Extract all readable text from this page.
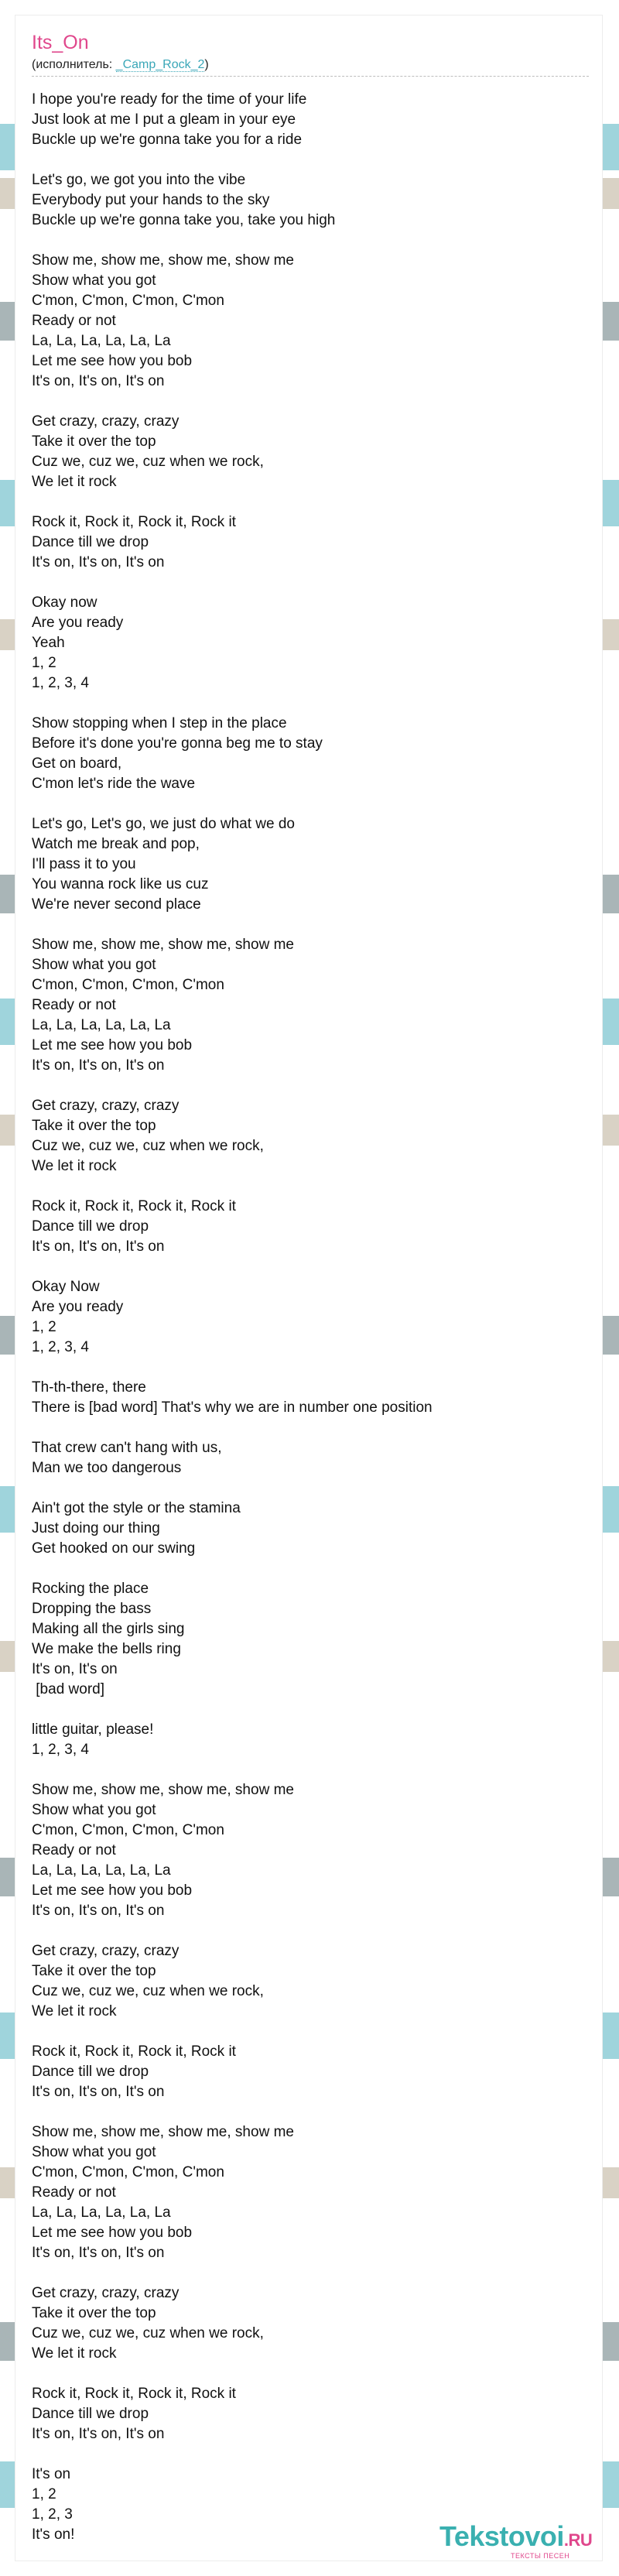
Its_On
(исполнитель: _Camp_Rock_2)
I hope you're ready for the time of your life
Just look at me I put a gleam in your eye
Buckle up we're gonna take you for a ride
Let's go, we got you into the vibe
Everybody put your hands to the sky
Buckle up we're gonna take you, take you high
Show me, show me, show me, show me
Show what you got
C'mon, C'mon, C'mon, C'mon
Ready or not
La, La, La, La, La, La
Let me see how you bob
It's on, It's on, It's on
Get crazy, crazy, crazy
Take it over the top
Cuz we, cuz we, cuz when we rock,
We let it rock
Rock it, Rock it, Rock it, Rock it
Dance till we drop
It's on, It's on, It's on
Okay now
Are you ready
Yeah
1, 2
1, 2, 3, 4
Show stopping when I step in the place
Before it's done you're gonna beg me to stay
Get on board,
C'mon let's ride the wave
Let's go, Let's go, we just do what we do
Watch me break and pop,
I'll pass it to you
You wanna rock like us cuz
We're never second place
Show me, show me, show me, show me
Show what you got
C'mon, C'mon, C'mon, C'mon
Ready or not
La, La, La, La, La, La
Let me see how you bob
It's on, It's on, It's on
Get crazy, crazy, crazy
Take it over the top
Cuz we, cuz we, cuz when we rock,
We let it rock
Rock it, Rock it, Rock it, Rock it
Dance till we drop
It's on, It's on, It's on
Okay Now
Are you ready
1, 2
1, 2, 3, 4
Th-th-there, there
There is [bad word] That's why we are in number one position
That crew can't hang with us,
Man we too dangerous
Ain't got the style or the stamina
Just doing our thing
Get hooked on our swing
Rocking the place
Dropping the bass
Making all the girls sing
We make the bells ring
It's on, It's on
[bad word]
little guitar, please!
1, 2, 3, 4
Show me, show me, show me, show me
Show what you got
C'mon, C'mon, C'mon, C'mon
Ready or not
La, La, La, La, La, La
Let me see how you bob
It's on, It's on, It's on
Get crazy, crazy, crazy
Take it over the top
Cuz we, cuz we, cuz when we rock,
We let it rock
Rock it, Rock it, Rock it, Rock it
Dance till we drop
It's on, It's on, It's on
Show me, show me, show me, show me
Show what you got
C'mon, C'mon, C'mon, C'mon
Ready or not
La, La, La, La, La, La
Let me see how you bob
It's on, It's on, It's on
Get crazy, crazy, crazy
Take it over the top
Cuz we, cuz we, cuz when we rock,
We let it rock
Rock it, Rock it, Rock it, Rock it
Dance till we drop
It's on, It's on, It's on
It's on
1, 2
1, 2, 3
It's on!	Tekstovoi.RU
ТЕКСТЫ ПЕСЕН
